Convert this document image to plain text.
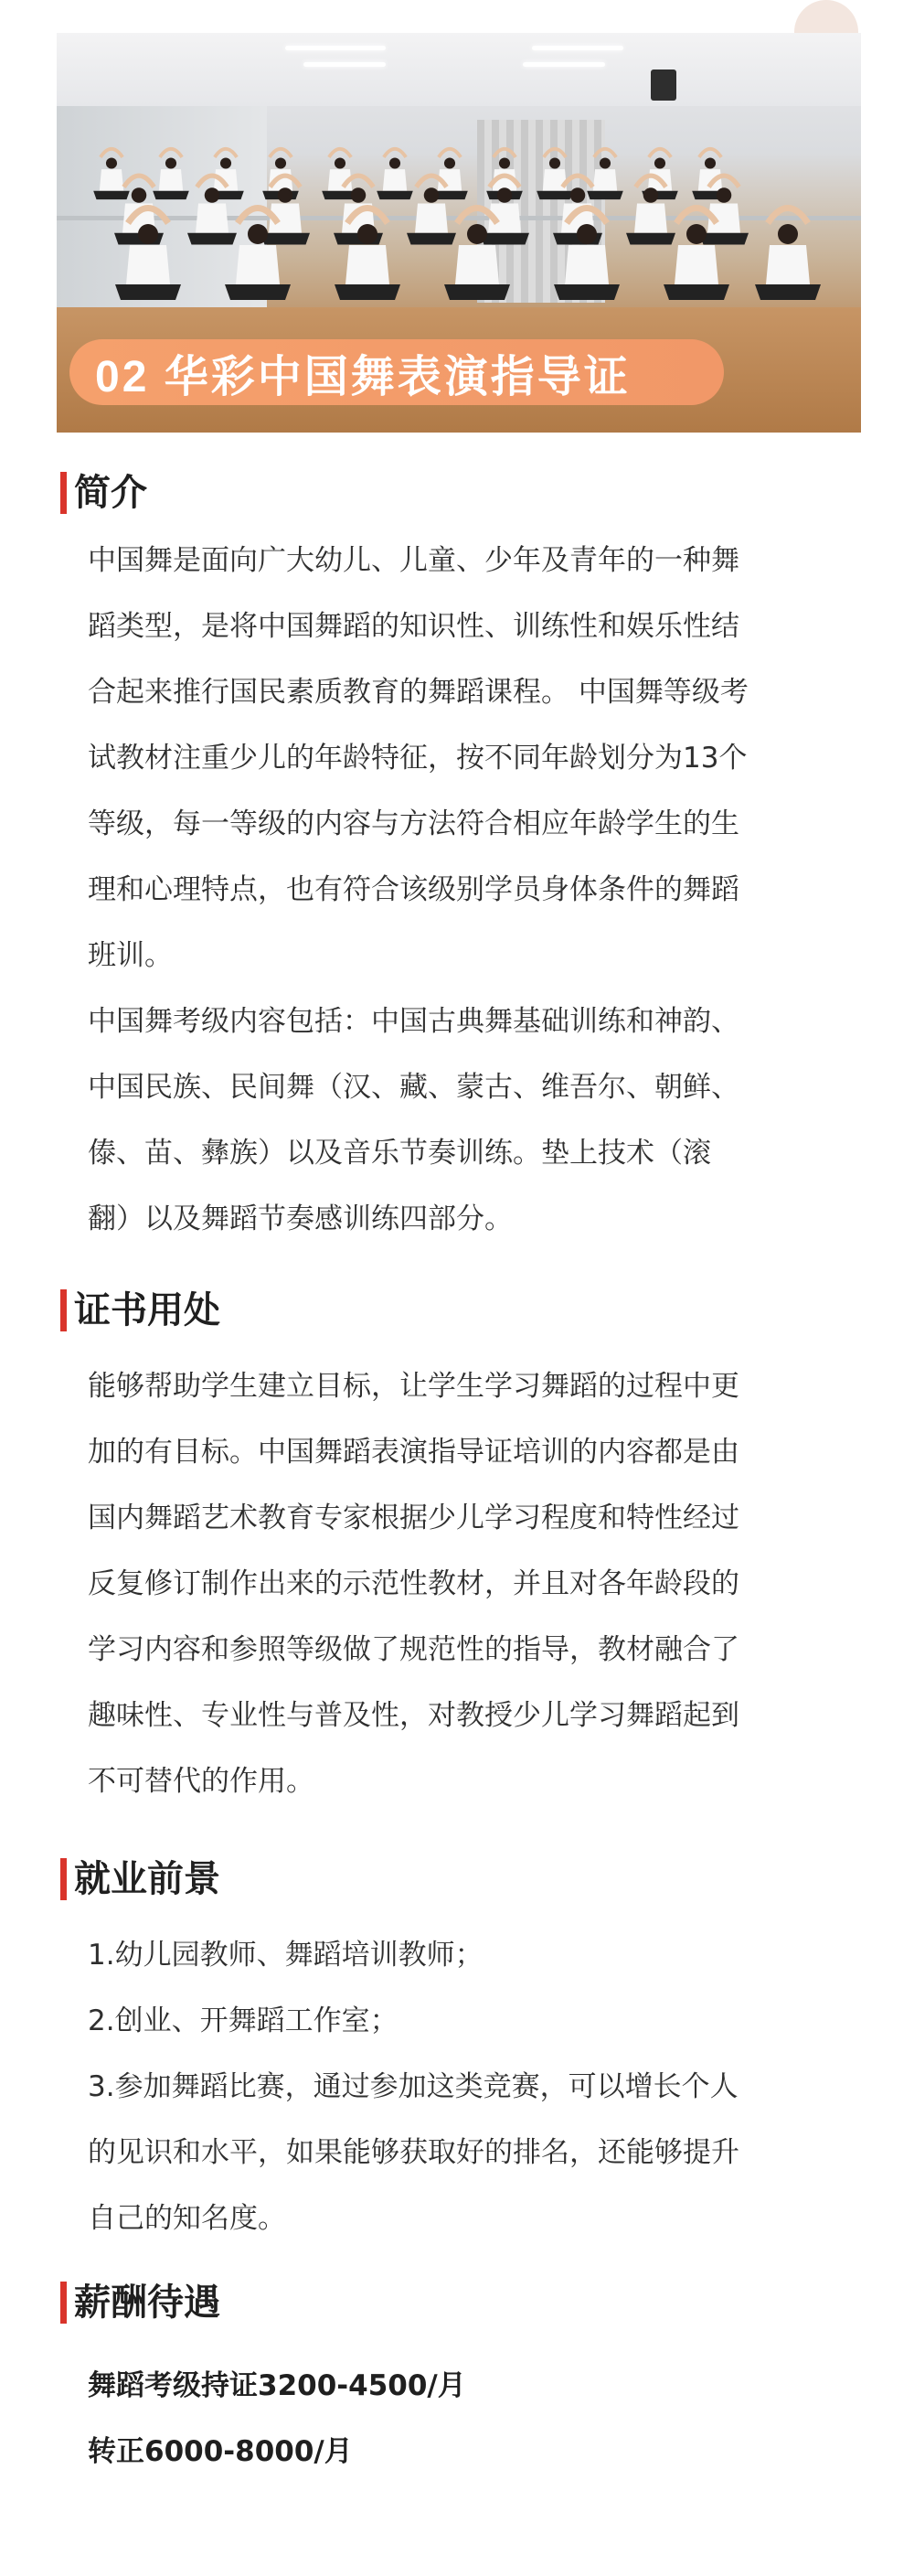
02 华彩中国舞表演指导证
简介
中国舞是面向广大幼儿、儿童、少年及青年的一种舞
蹈类型，是将中国舞蹈的知识性、训练性和娱乐性结
合起来推行国民素质教育的舞蹈课程。 中国舞等级考
试教材注重少儿的年龄特征，按不同年龄划分为13个
等级，每一等级的内容与方法符合相应年龄学生的生
理和心理特点，也有符合该级别学员身体条件的舞蹈
班训。
中国舞考级内容包括：中国古典舞基础训练和神韵、
中国民族、民间舞（汉、藏、蒙古、维吾尔、朝鲜、
傣、苗、彝族）以及音乐节奏训练。垫上技术（滚
翻）以及舞蹈节奏感训练四部分。
证书用处
能够帮助学生建立目标，让学生学习舞蹈的过程中更
加的有目标。中国舞蹈表演指导证培训的内容都是由
国内舞蹈艺术教育专家根据少儿学习程度和特性经过
反复修订制作出来的示范性教材，并且对各年龄段的
学习内容和参照等级做了规范性的指导，教材融合了
趣味性、专业性与普及性，对教授少儿学习舞蹈起到
不可替代的作用。
就业前景
1.幼儿园教师、舞蹈培训教师；
2.创业、开舞蹈工作室；
3.参加舞蹈比赛，通过参加这类竞赛，可以增长个人
的见识和水平，如果能够获取好的排名，还能够提升
自己的知名度。
薪酬待遇
舞蹈考级持证3200-4500/月
转正6000-8000/月
